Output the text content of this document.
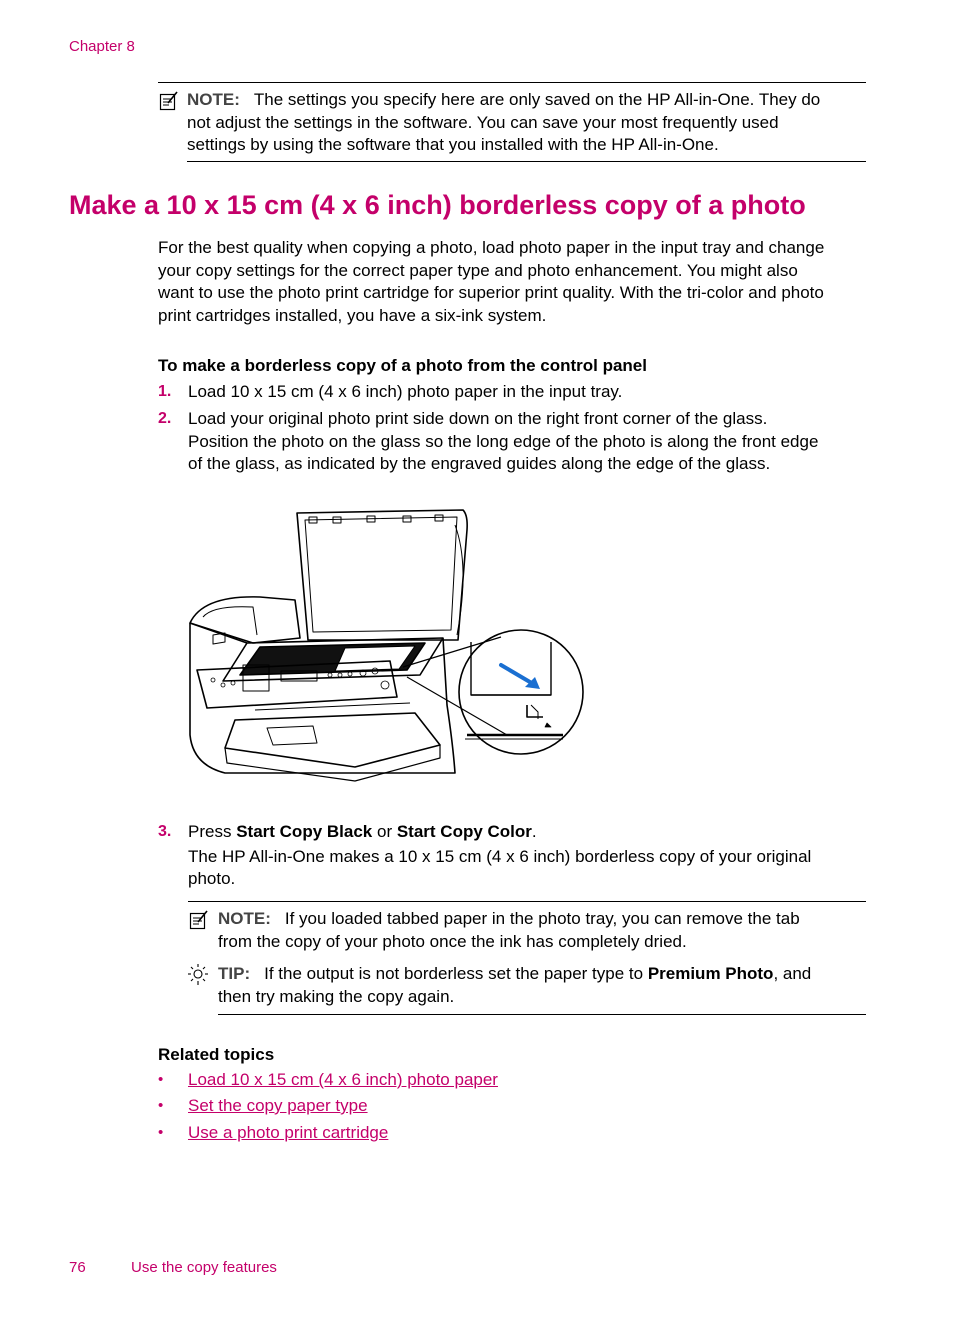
Chapter 8
NOTE: The settings you specify here are only saved on the HP All-in-One. They do
not adjust the settings in the software. You can save your most frequently used
settings by using the software that you installed with the HP All-in-One.
Make a 10 x 15 cm (4 x 6 inch) borderless copy of a photo
For the best quality when copying a photo, load photo paper in the input tray and change
your copy settings for the correct paper type and photo enhancement. You might also
want to use the photo print cartridge for superior print quality. With the tri-color and photo
print cartridges installed, you have a six-ink system.
To make a borderless copy of a photo from the control panel
1. Load 10 x 15 cm (4 x 6 inch) photo paper in the input tray.
2. Load your original photo print side down on the right front corner of the glass.
Position the photo on the glass so the long edge of the photo is along the front edge
of the glass, as indicated by the engraved guides along the edge of the glass.
3. Press Start Copy Black or Start Copy Color.
The HP All-in-One makes a 10 x 15 cm (4 x 6 inch) borderless copy of your original
photo.
NOTE: If you loaded tabbed paper in the photo tray, you can remove the tab
from the copy of your photo once the ink has completely dried.
TIP: If the output is not borderless set the paper type to Premium Photo, and
then try making the copy again.
Related topics
• Load 10 x 15 cm (4 x 6 inch) photo paper
• Set the copy paper type
• Use a photo print cartridge
76	Use the copy features
